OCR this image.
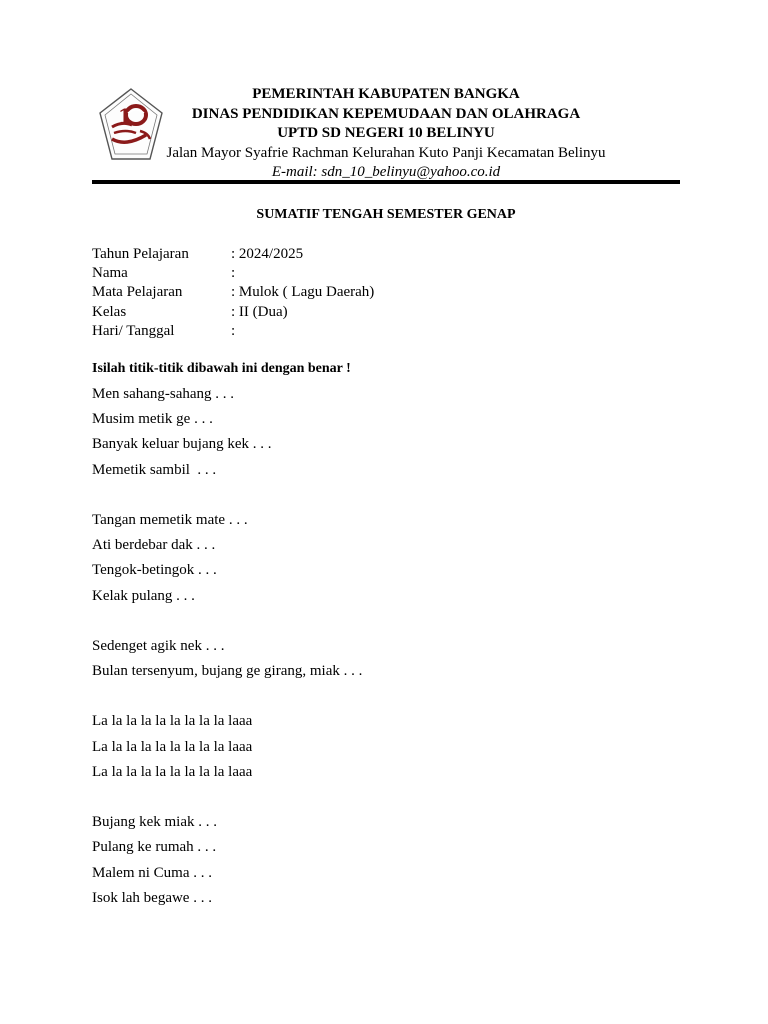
1
PEMERINTAH KABUPATEN BANGKA
DINAS PENDIDIKAN KEPEMUDAAN DAN OLAHRAGA
UPTD SD NEGERI 10 BELINYU
Jalan Mayor Syafrie Rachman Kelurahan Kuto Panji Kecamatan Belinyu
E-mail: sdn_10_belinyu@yahoo.co.id
SUMATIF TENGAH SEMESTER GENAP
Tahun Pelajaran	: 2024/2025
Nama	:
Mata Pelajaran	: Mulok ( Lagu Daerah)
Kelas	: II (Dua)
Hari/ Tanggal	:
Isilah titik-titik dibawah ini dengan benar !
Men sahang-sahang . . .
Musim metik ge . . .
Banyak keluar bujang kek . . .
Memetik sambil  . . .
Tangan memetik mate . . .
Ati berdebar dak . . .
Tengok-betingok . . .
Kelak pulang . . .
Sedenget agik nek . . .
Bulan tersenyum, bujang ge girang, miak . . .
La la la la la la la la la laaa
La la la la la la la la la laaa
La la la la la la la la la laaa
Bujang kek miak . . .
Pulang ke rumah . . .
Malem ni Cuma . . .
Isok lah begawe . . .
